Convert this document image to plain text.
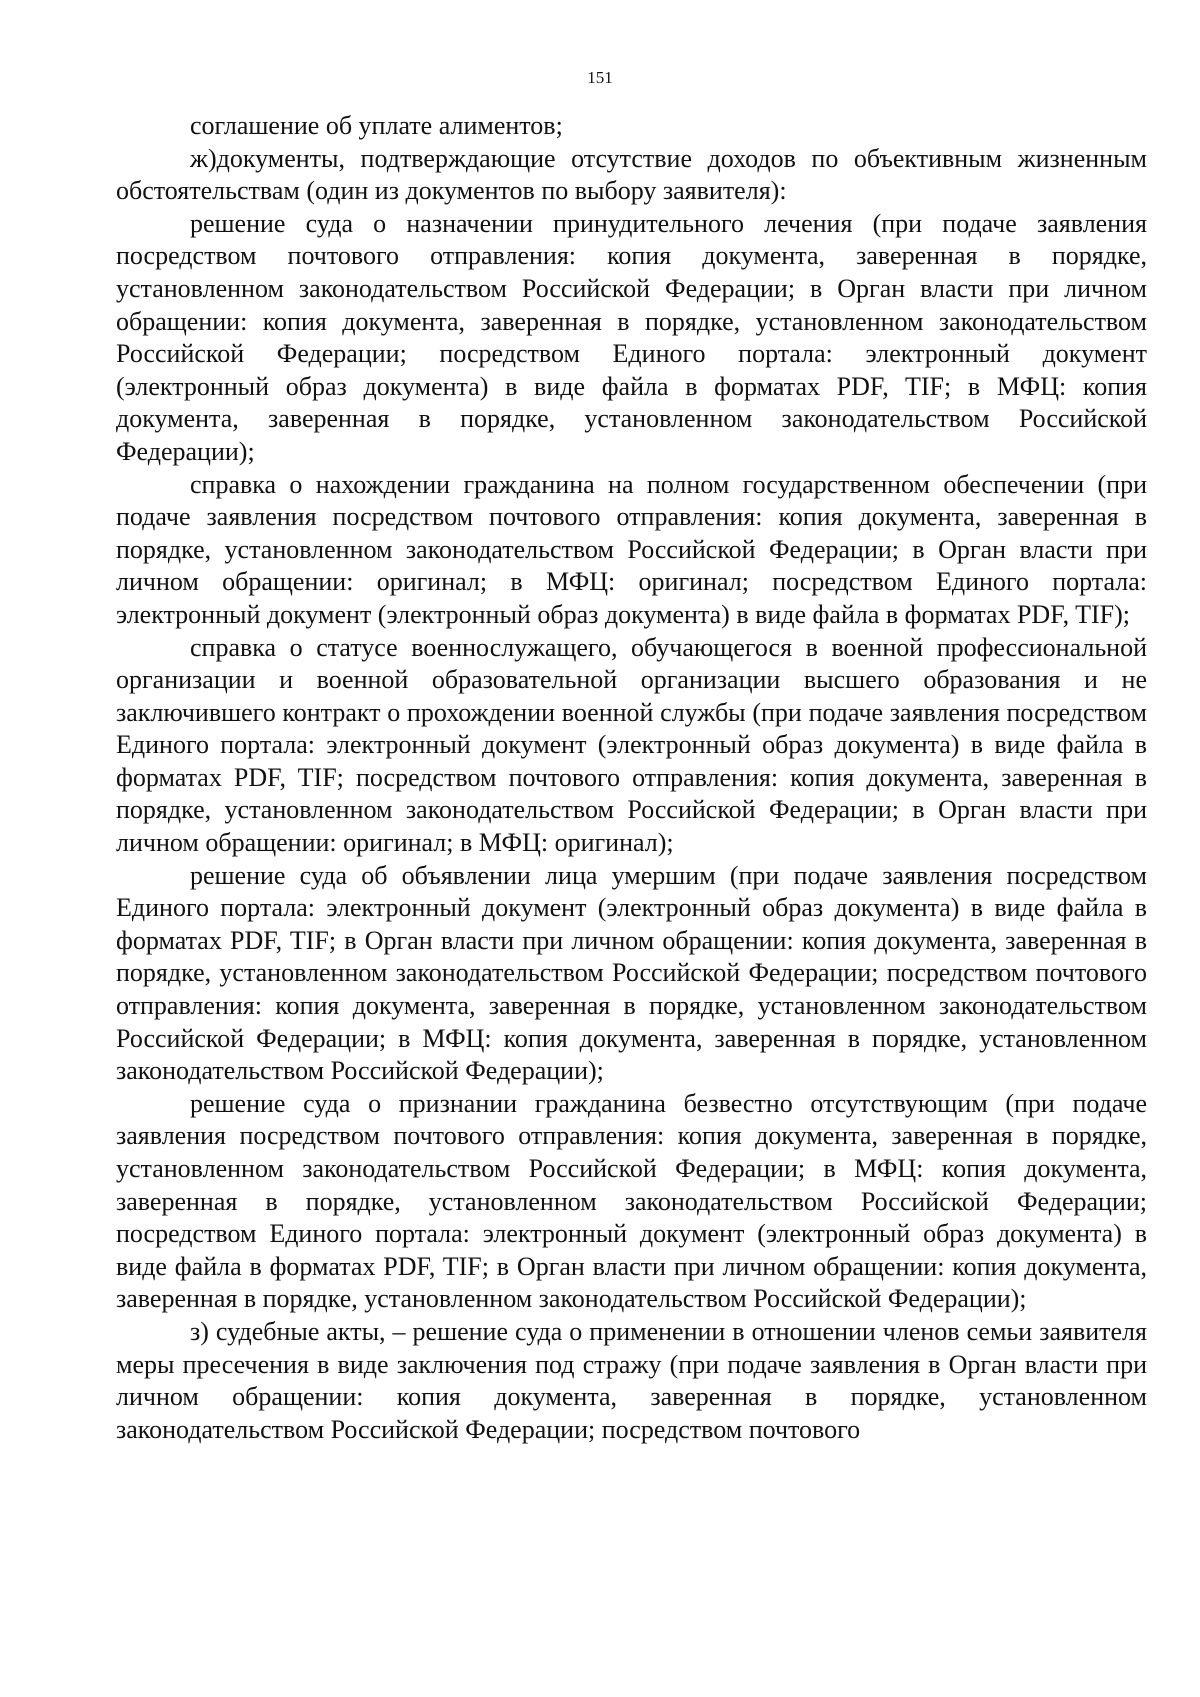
151

соглашение об уплате алиментов;

ж)документы, подтверждающие отсутствие доходов по объективным жизненным обстоятельствам (один из документов по выбору заявителя):

решение суда о назначении принудительного лечения (при подаче заявления посредством почтового отправления: копия документа, заверенная в порядке, установленном законодательством Российской Федерации; в Орган власти при личном обращении: копия документа, заверенная в порядке, установленном законодательством Российской Федерации; посредством Единого портала: электронный документ (электронный образ документа) в виде файла в форматах PDF, TIF; в МФЦ: копия документа, заверенная в порядке, установленном законодательством Российской Федерации);

справка о нахождении гражданина на полном государственном обеспечении (при подаче заявления посредством почтового отправления: копия документа, заверенная в порядке, установленном законодательством Российской Федерации; в Орган власти при личном обращении: оригинал; в МФЦ: оригинал; посредством Единого портала: электронный документ (электронный образ документа) в виде файла в форматах PDF, TIF);

справка о статусе военнослужащего, обучающегося в военной профессиональной организации и военной образовательной организации высшего образования и не заключившего контракт о прохождении военной службы (при подаче заявления посредством Единого портала: электронный документ (электронный образ документа) в виде файла в форматах PDF, TIF; посредством почтового отправления: копия документа, заверенная в порядке, установленном законодательством Российской Федерации; в Орган власти при личном обращении: оригинал; в МФЦ: оригинал);

решение суда об объявлении лица умершим (при подаче заявления посредством Единого портала: электронный документ (электронный образ документа) в виде файла в форматах PDF, TIF; в Орган власти при личном обращении: копия документа, заверенная в порядке, установленном законодательством Российской Федерации; посредством почтового отправления: копия документа, заверенная в порядке, установленном законодательством Российской Федерации; в МФЦ: копия документа, заверенная в порядке, установленном законодательством Российской Федерации);

решение суда о признании гражданина безвестно отсутствующим (при подаче заявления посредством почтового отправления: копия документа, заверенная в порядке, установленном законодательством Российской Федерации; в МФЦ: копия документа, заверенная в порядке, установленном законодательством Российской Федерации; посредством Единого портала: электронный документ (электронный образ документа) в виде файла в форматах PDF, TIF; в Орган власти при личном обращении: копия документа, заверенная в порядке, установленном законодательством Российской Федерации);

з) судебные акты, – решение суда о применении в отношении членов семьи заявителя меры пресечения в виде заключения под стражу (при подаче заявления в Орган власти при личном обращении: копия документа, заверенная в порядке, установленном законодательством Российской Федерации; посредством почтового
